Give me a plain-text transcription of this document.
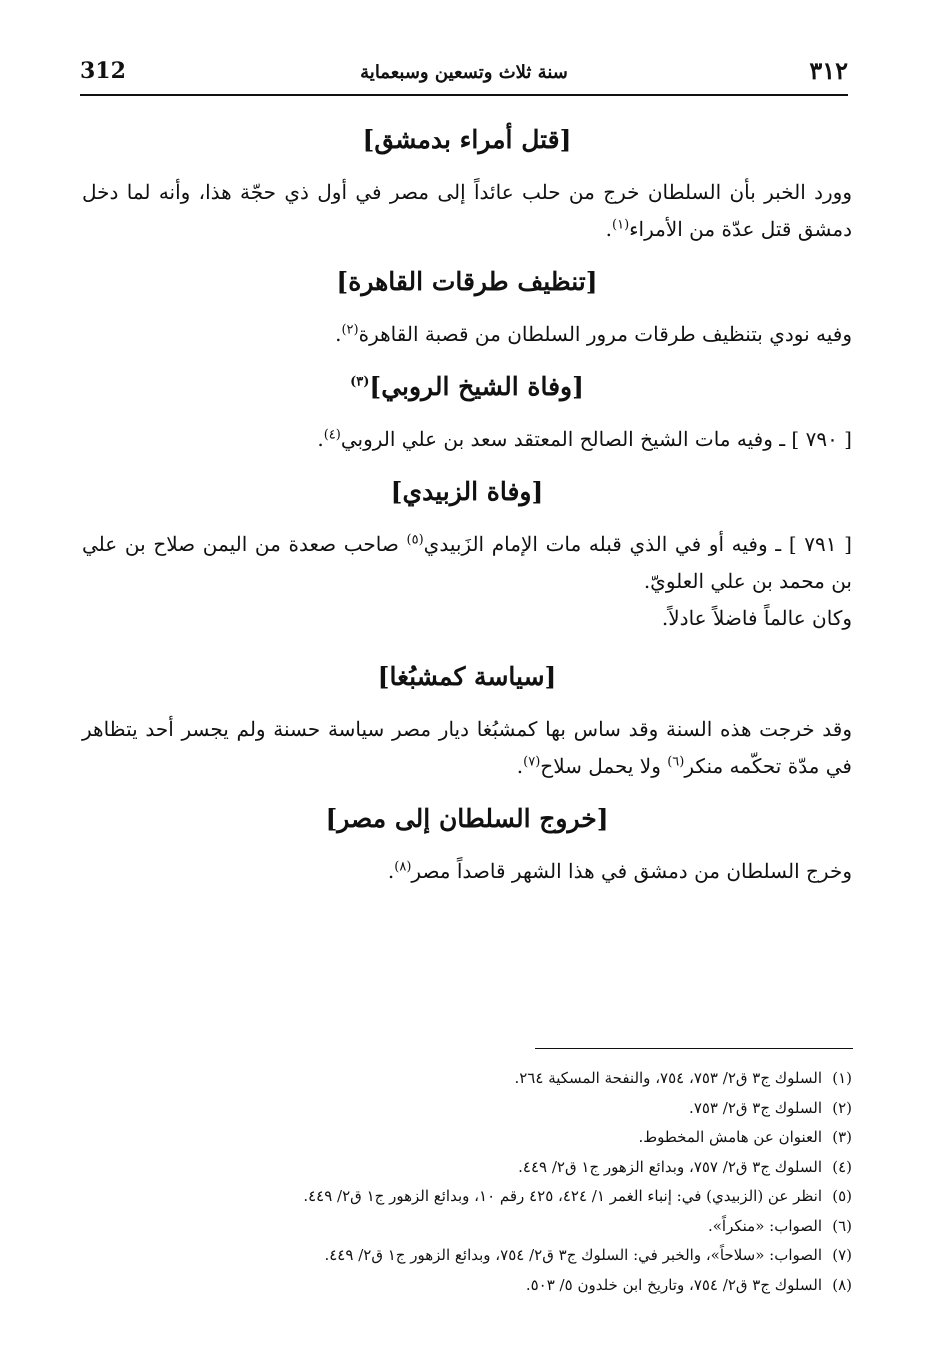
312	سنة ثلاث وتسعين وسبعماية	٣١٢
[قتل أمراء بدمشق]

وورد الخبر بأن السلطان خرج من حلب عائداً إلى مصر في أول ذي حجّة هذا، وأنه لما دخل دمشق قتل عدّة من الأمراء$^{(١)}$.

[تنظيف طرقات القاهرة]

وفيه نودي بتنظيف طرقات مرور السلطان من قصبة القاهرة$^{(٢)}$.

[وفاة الشيخ الروبي]$^{(٣)}$

[ ٧٩٠ ] ـ وفيه مات الشيخ الصالح المعتقد سعد بن علي الروبي$^{(٤)}$.

[وفاة الزبيدي]

[ ٧٩١ ] ـ وفيه أو في الذي قبله مات الإمام الزَبيدي$^{(٥)}$ صاحب صعدة من اليمن صلاح بن علي بن محمد بن علي العلويّ.

وكان عالماً فاضلاً عادلاً.

[سياسة كمشبُغا]

وقد خرجت هذه السنة وقد ساس بها كمشبُغا ديار مصر سياسة حسنة ولم يجسر أحد يتظاهر في مدّة تحكّمه منكر$^{(٦)}$ ولا يحمل سلاح$^{(٧)}$.

[خروج السلطان إلى مصر]

وخرج السلطان من دمشق في هذا الشهر قاصداً مصر$^{(٨)}$.

(١)السلوك ج٣ ق٢/ ٧٥٣، ٧٥٤، والنفحة المسكية ٢٦٤.
(٢)السلوك ج٣ ق٢/ ٧٥٣.
(٣)العنوان عن هامش المخطوط.
(٤)السلوك ج٣ ق٢/ ٧٥٧، وبدائع الزهور ج١ ق٢/ ٤٤٩.
(٥)انظر عن (الزبيدي) في: إنباء الغمر ١/ ٤٢٤، ٤٢٥ رقم ١٠، وبدائع الزهور ج١ ق٢/ ٤٤٩.
(٦)الصواب: «منكراً».
(٧)الصواب: «سلاحاً»، والخبر في: السلوك ج٣ ق٢/ ٧٥٤، وبدائع الزهور ج١ ق٢/ ٤٤٩.
(٨)السلوك ج٣ ق٢/ ٧٥٤، وتاريخ ابن خلدون ٥/ ٥٠٣.
